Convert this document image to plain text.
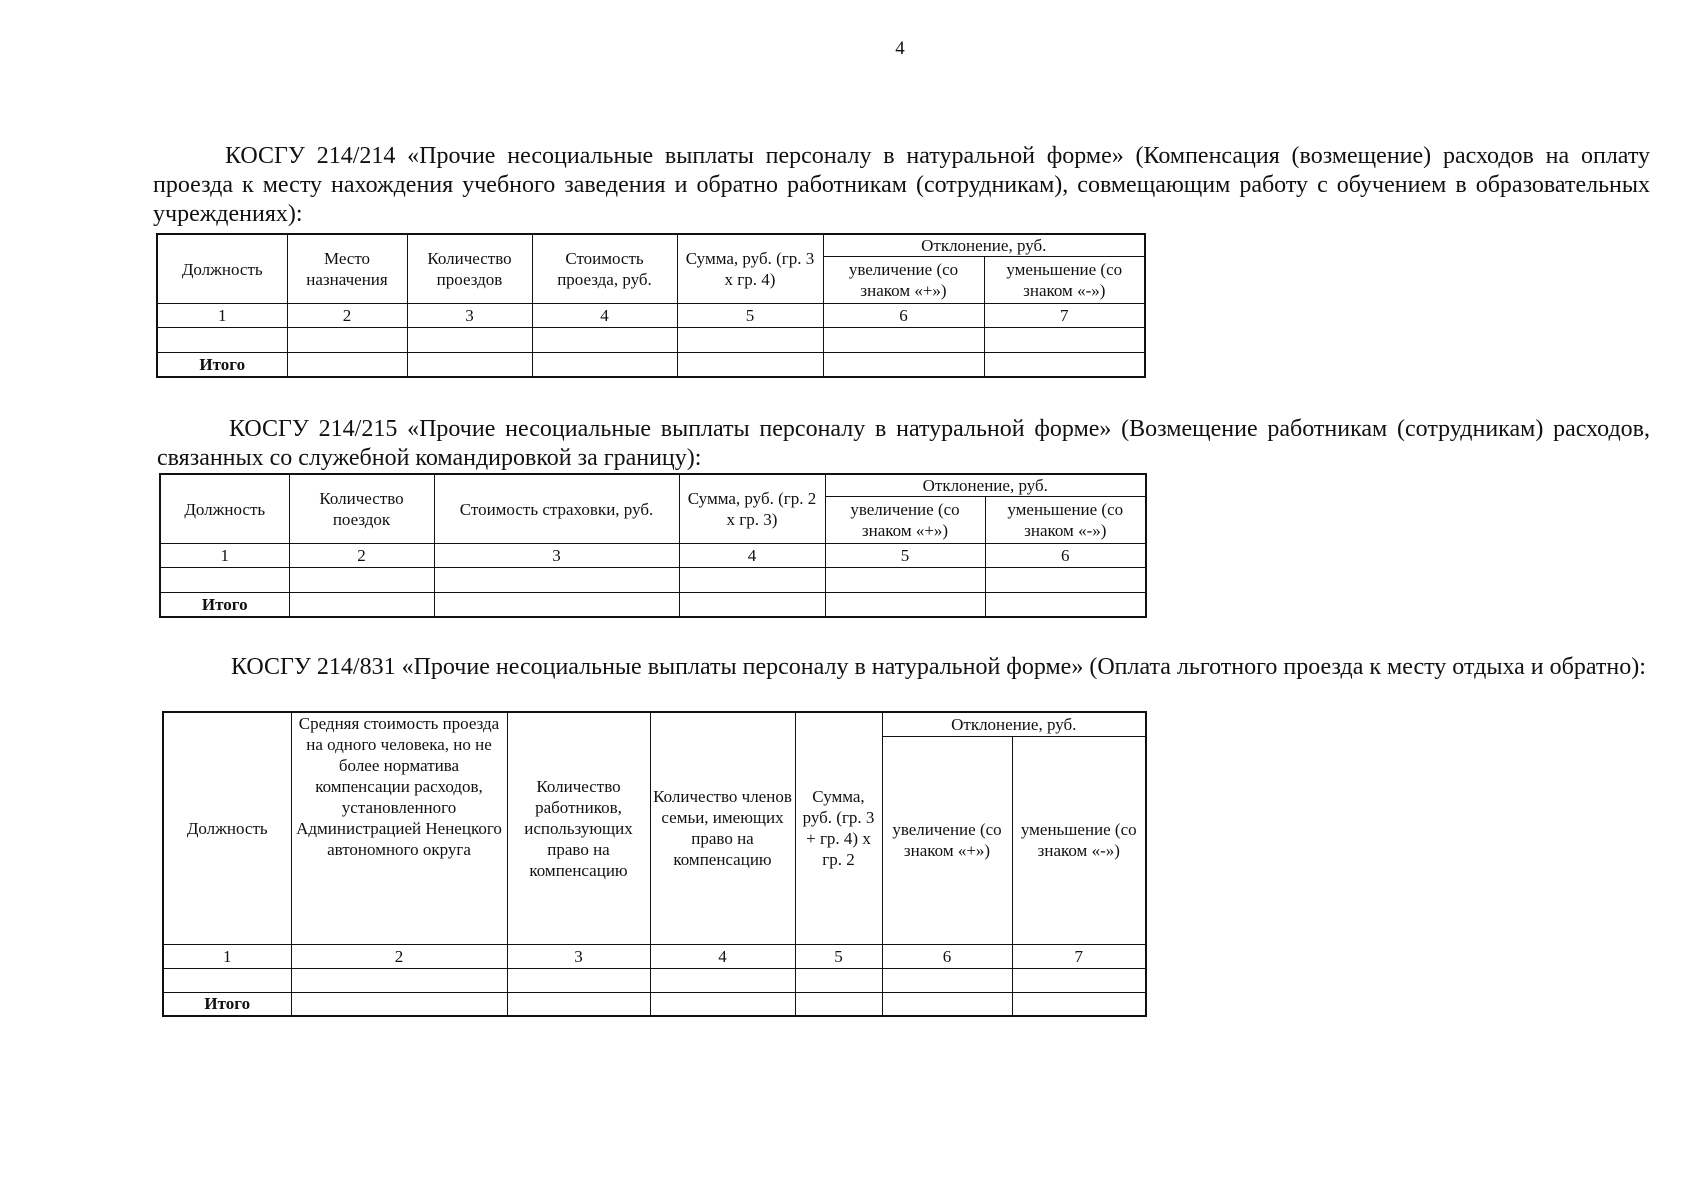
4

КОСГУ 214/214 «Прочие несоциальные выплаты персоналу в натуральной форме» (Компенсация (возмещение) расходов на оплату проезда к месту нахождения учебного заведения и обратно работникам (сотрудникам), совмещающим работу с обучением в образовательных учреждениях):

Должность	Место назначения	Количество проездов	Стоимость проезда, руб.	Сумма, руб. (гр. 3 х гр. 4)	Отклонение, руб.	
					увеличение (со знаком «+»)	уменьшение (со знаком «-»)
1	2	3	4	5	6	7

Итого						

КОСГУ 214/215 «Прочие несоциальные выплаты персоналу в натуральной форме» (Возмещение работникам (сотрудникам) расходов, связанных со служебной командировкой за границу):

Должность	Количество поездок	Стоимость страховки, руб.	Сумма, руб. (гр. 2 х гр. 3)	Отклонение, руб.	
				увеличение (со знаком «+»)	уменьшение (со знаком «-»)
1	2	3	4	5	6

Итого					

КОСГУ 214/831 «Прочие несоциальные выплаты персоналу в натуральной форме» (Оплата льготного проезда к месту отдыха и обратно):

Должность	Средняя стоимость проезда на одного человека, но не более норматива компенсации расходов, установленного Администрацией Ненецкого автономного округа	Количество работников, использующих право на компенсацию	Количество членов семьи, имеющих право на компенсацию	Сумма, руб. (гр. 3 + гр. 4) х гр. 2	Отклонение, руб.	
					увеличение (со знаком «+»)	уменьшение (со знаком «-»)
1	2	3	4	5	6	7

Итого						
